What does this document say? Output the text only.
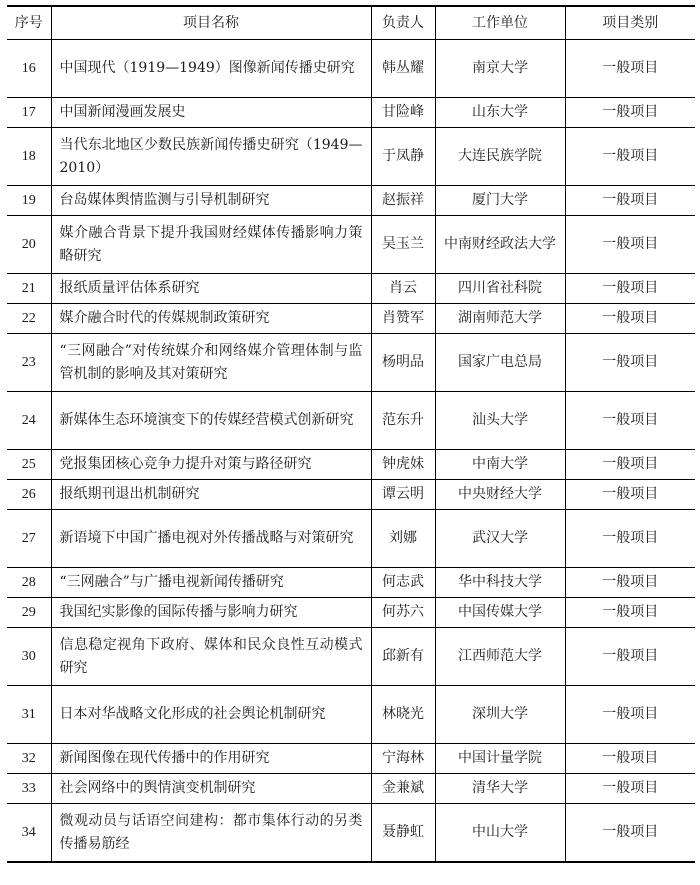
序号	项目名称	负责人	工作单位	项目类别
16	中国现代（1919—1949）图像新闻传播史研究	韩丛耀	南京大学	一般项目
17	中国新闻漫画发展史	甘险峰	山东大学	一般项目
18	当代东北地区少数民族新闻传播史研究（1949—2010）	于凤静	大连民族学院	一般项目
19	台岛媒体舆情监测与引导机制研究	赵振祥	厦门大学	一般项目
20	媒介融合背景下提升我国财经媒体传播影响力策略研究	吴玉兰	中南财经政法大学	一般项目
21	报纸质量评估体系研究	肖云	四川省社科院	一般项目
22	媒介融合时代的传媒规制政策研究	肖赞军	湖南师范大学	一般项目
23	“三网融合”对传统媒介和网络媒介管理体制与监管机制的影响及其对策研究	杨明品	国家广电总局	一般项目
24	新媒体生态环境演变下的传媒经营模式创新研究	范东升	汕头大学	一般项目
25	党报集团核心竞争力提升对策与路径研究	钟虎妹	中南大学	一般项目
26	报纸期刊退出机制研究	谭云明	中央财经大学	一般项目
27	新语境下中国广播电视对外传播战略与对策研究	刘娜	武汉大学	一般项目
28	“三网融合”与广播电视新闻传播研究	何志武	华中科技大学	一般项目
29	我国纪实影像的国际传播与影响力研究	何苏六	中国传媒大学	一般项目
30	信息稳定视角下政府、媒体和民众良性互动模式研究	邱新有	江西师范大学	一般项目
31	日本对华战略文化形成的社会舆论机制研究	林晓光	深圳大学	一般项目
32	新闻图像在现代传播中的作用研究	宁海林	中国计量学院	一般项目
33	社会网络中的舆情演变机制研究	金兼斌	清华大学	一般项目
34	微观动员与话语空间建构：都市集体行动的另类传播易筋经	聂静虹	中山大学	一般项目
